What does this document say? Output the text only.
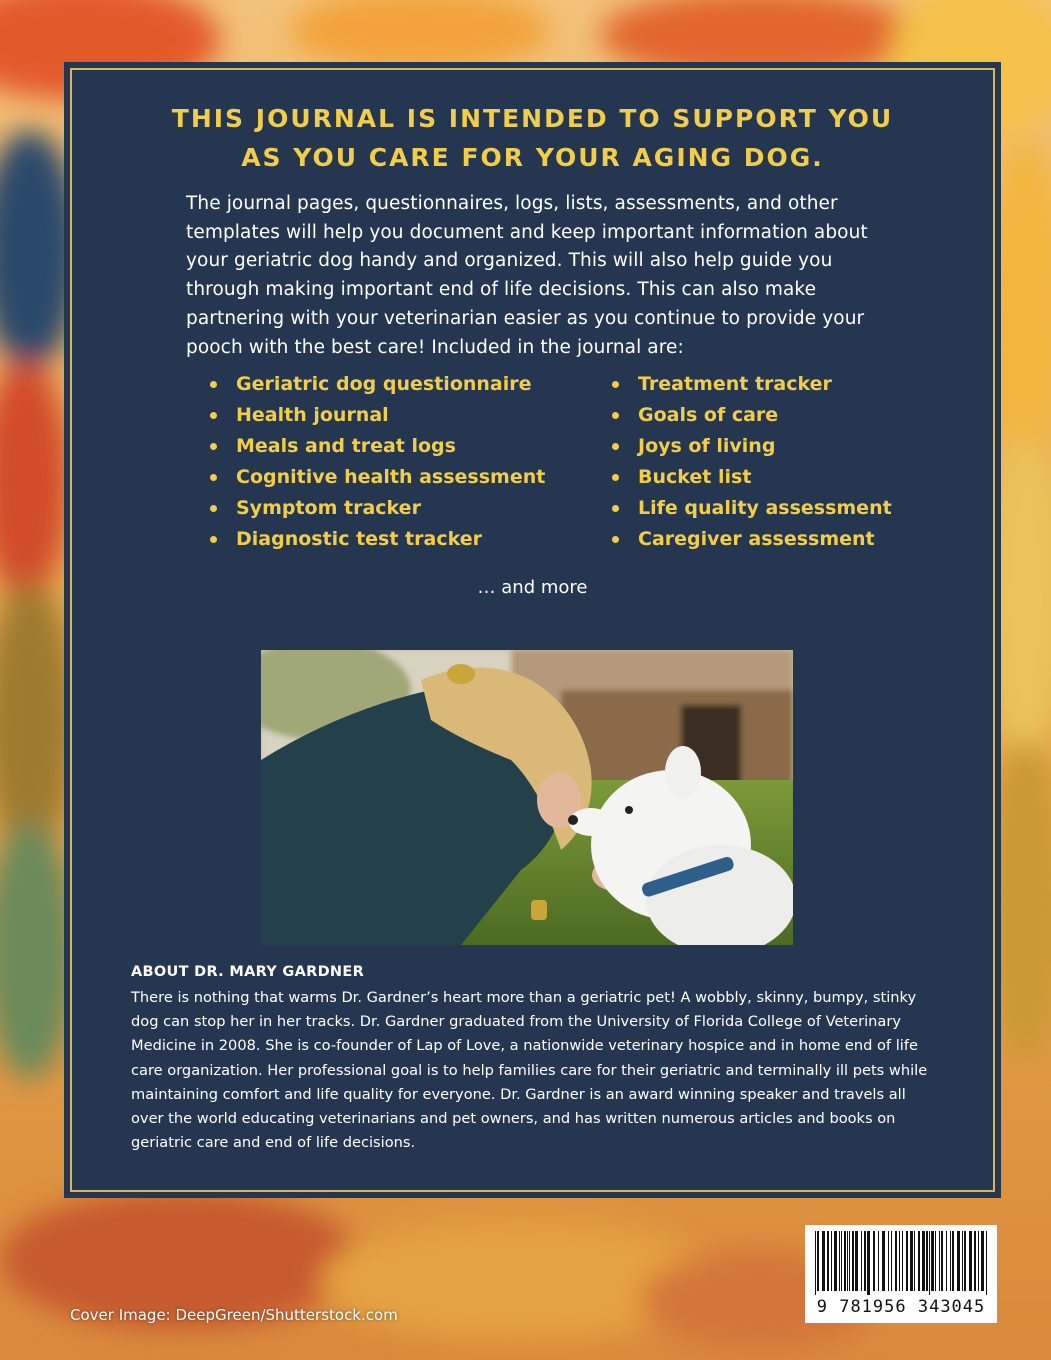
THIS JOURNAL IS INTENDED TO SUPPORT YOU
AS YOU CARE FOR YOUR AGING DOG.

The journal pages, questionnaires, logs, lists, assessments, and other templates will help you document and keep important information about your geriatric dog handy and organized. This will also help guide you through making important end of life decisions. This can also make partnering with your veterinarian easier as you continue to provide your pooch with the best care! Included in the journal are:

Geriatric dog questionnaire
Health journal
Meals and treat logs
Cognitive health assessment
Symptom tracker
Diagnostic test tracker
Treatment tracker
Goals of care
Joys of living
Bucket list
Life quality assessment
Caregiver assessment
… and more
ABOUT DR. MARY GARDNER

There is nothing that warms Dr. Gardner’s heart more than a geriatric pet! A wobbly, skinny, bumpy, stinky dog can stop her in her tracks. Dr. Gardner graduated from the University of Florida College of Veterinary Medicine in 2008. She is co-founder of Lap of Love, a nationwide veterinary hospice and in home end of life care organization. Her professional goal is to help families care for their geriatric and terminally ill pets while maintaining comfort and life quality for everyone. Dr. Gardner is an award winning speaker and travels all over the world educating veterinarians and pet owners, and has written numerous articles and books on geriatric care and end of life decisions.

9 781956 343045
Cover Image: DeepGreen/Shutterstock.com
